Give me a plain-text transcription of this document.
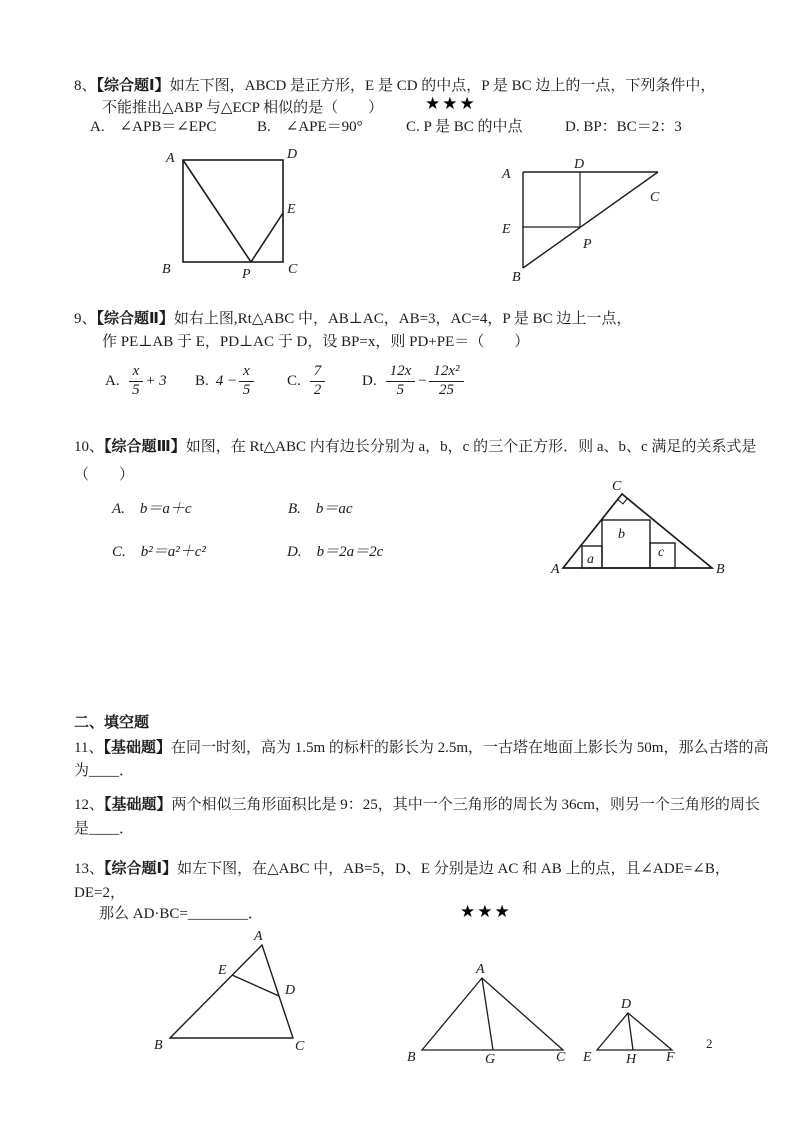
8、【综合题Ⅰ】如左下图，ABCD 是正方形，E 是 CD 的中点，P 是 BC 边上的一点，下列条件中，
不能推出△ABP 与△ECP 相似的是（　　） ★★★
A.　∠APB＝∠EPC	B.　∠APE＝90°	C. P 是 BC 的中点	D. BP：BC＝2：3
A	D
B	C
E
P
A
D
C
E
P
B
9、【综合题Ⅱ】如右上图,Rt△ABC 中，AB⊥AC，AB=3，AC=4，P 是 BC 边上一点，
作 PE⊥AB 于 E，PD⊥AC 于 D，设 BP=x，则 PD+PE＝（　　）
A. $\frac{x}{5} + 3$ B. $4 - \frac{x}{5} C$. $\frac{7}{2} D$. $\frac{12x}{5} - \frac{\text{12x²}}{25}$
10、【综合题Ⅲ】如图，在 Rt△ABC 内有边长分别为 a，b，c 的三个正方形．则 a、b、c 满足的关系式是
（　　）
A.　b＝a＋c	B.　b＝ac
C.　b²＝a²＋c²	D.　b＝2a＝2c
C
A	B
b
a	c
二、填空题
11、【基础题】在同一时刻，高为 1.5m 的标杆的影长为 2.5m，一古塔在地面上影长为 50m，那么古塔的高
为____．
12、【基础题】两个相似三角形面积比是 9：25，其中一个三角形的周长为 36cm，则另一个三角形的周长
是____．
13、【综合题Ⅰ】如左下图，在△ABC 中，AB=5，D、E 分别是边 AC 和 AB 上的点，且∠ADE=∠B，
DE=2，
那么 AD·BC=________．	★★★
A
E
D
B	C
A
B	C
G
D
E H F
2
